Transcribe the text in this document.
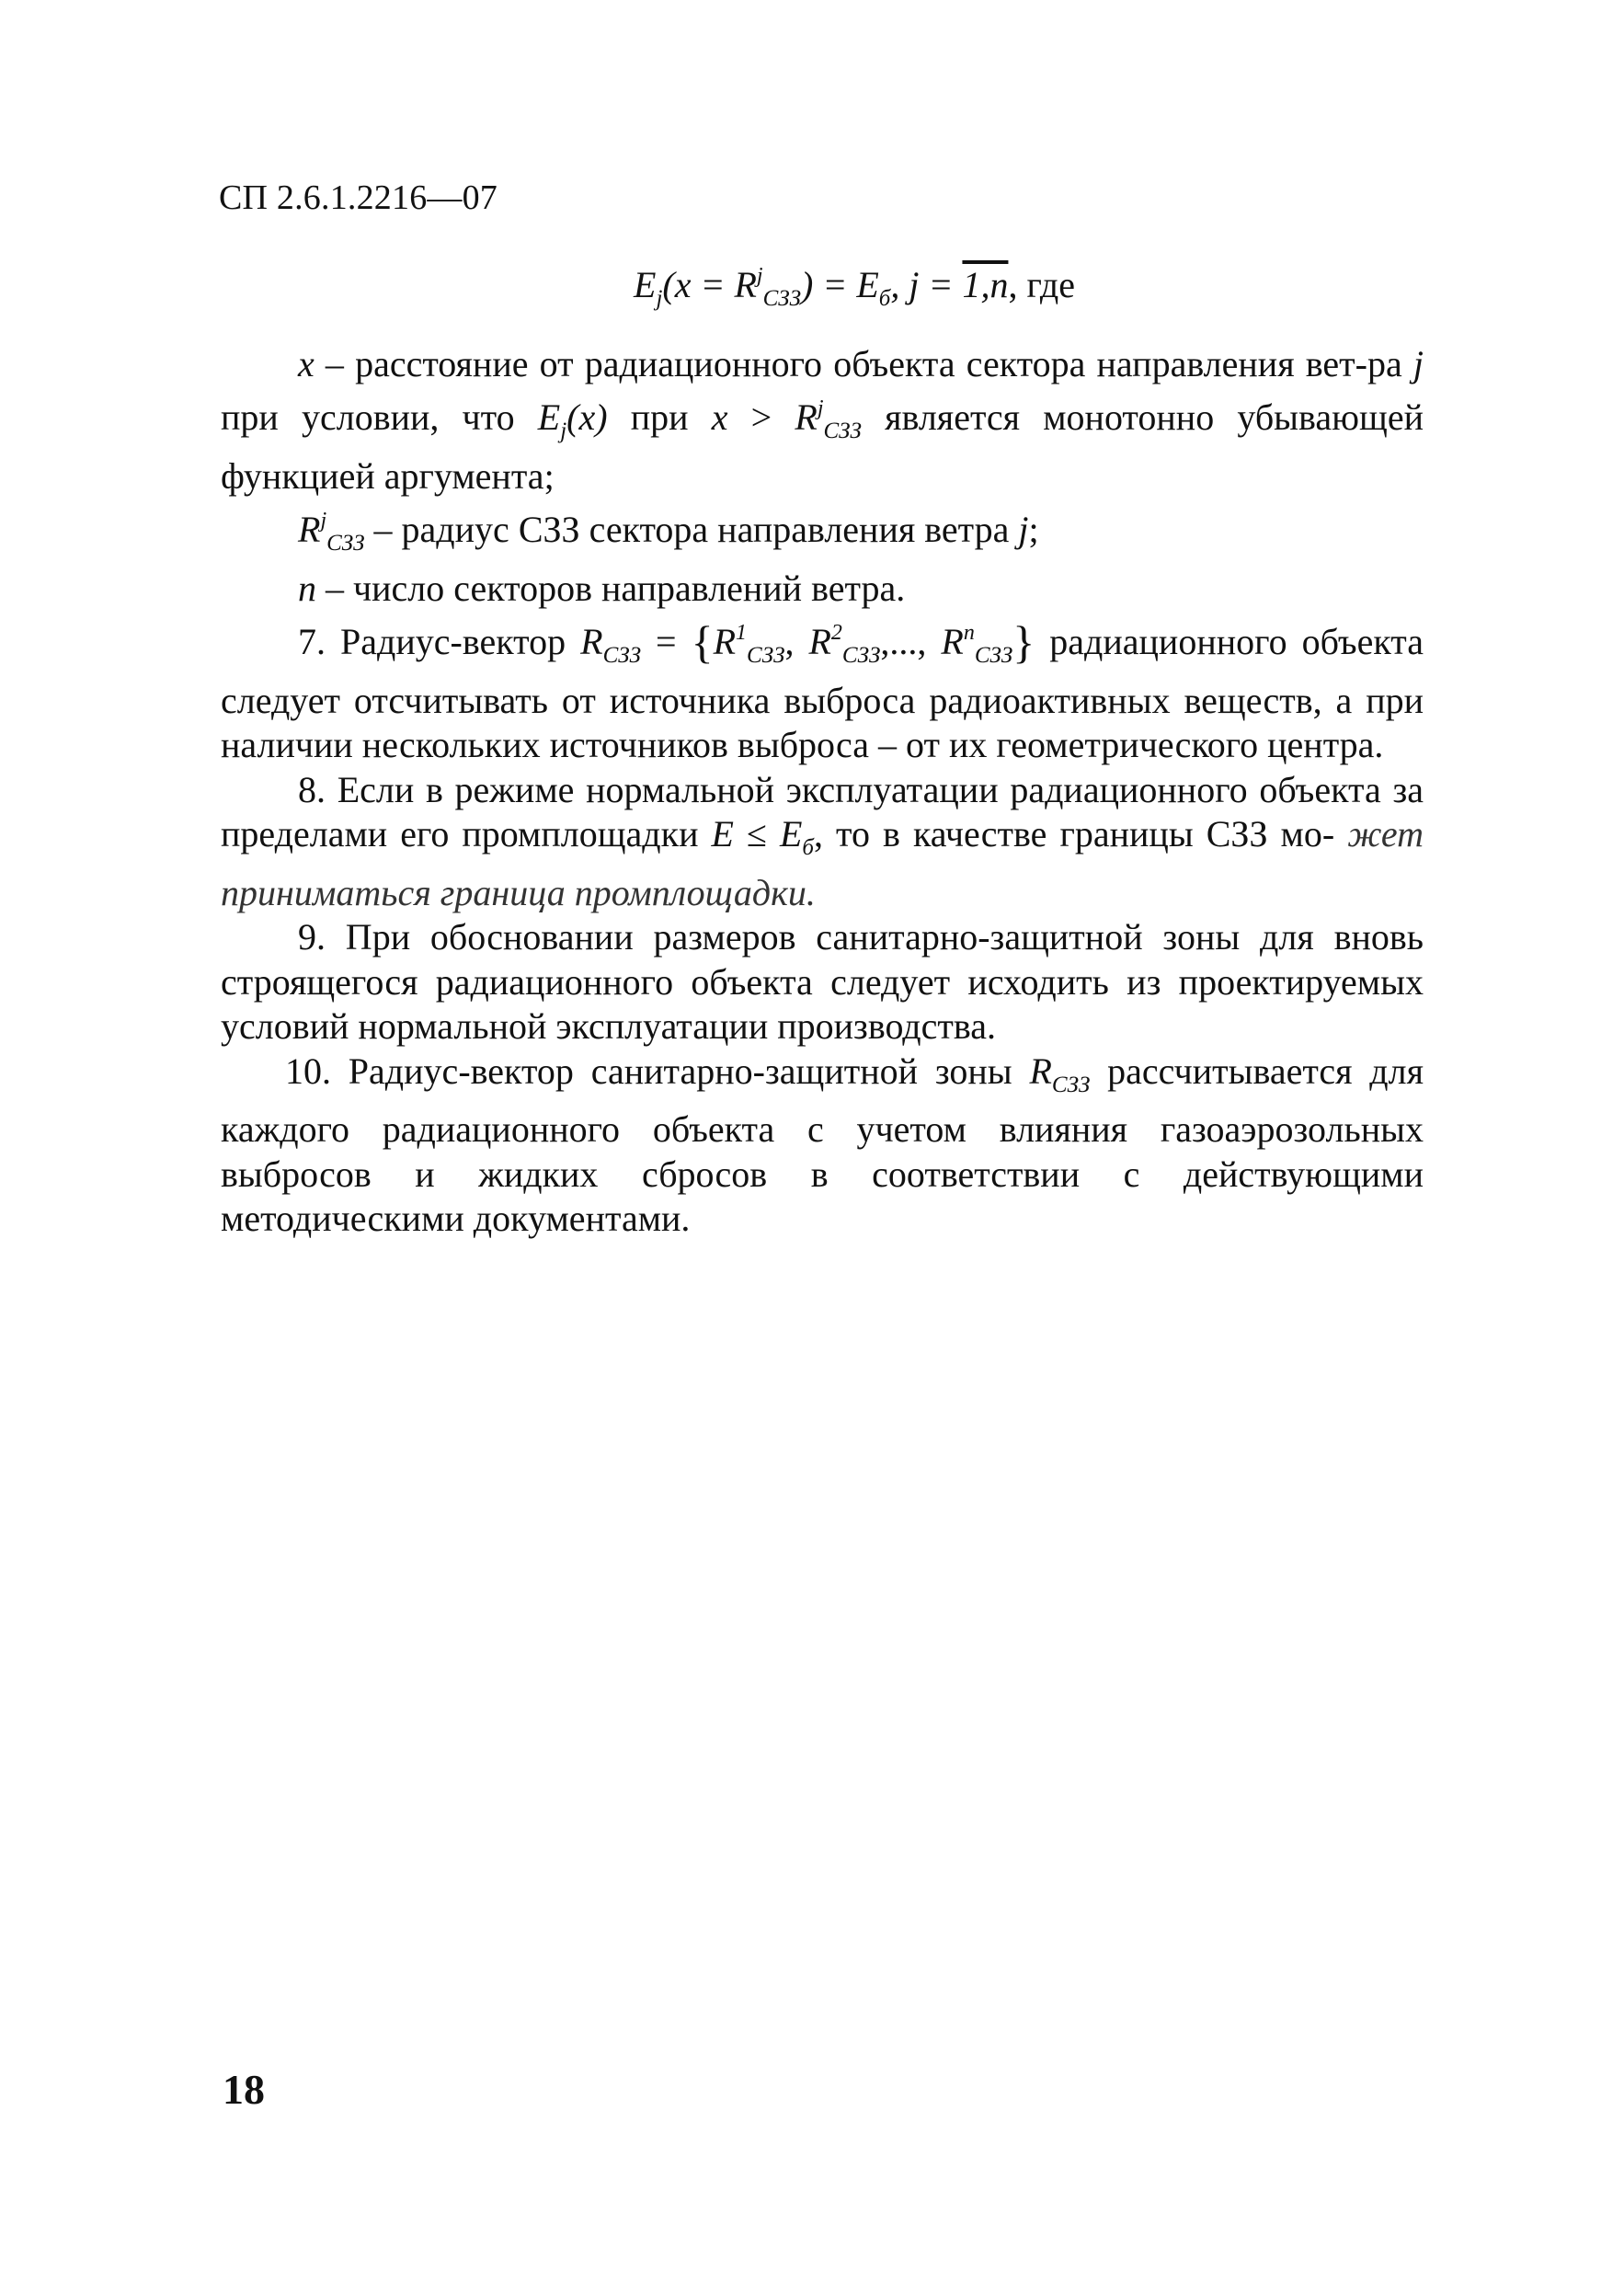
СП 2.6.1.2216—07

$E_j(x = R^j_{СЗЗ}) = E_б$, j = 1,n, где

x – расстояние от радиационного объекта сектора направления вет-ра j при условии, что $E_j(x)$ при $x > R^j_{СЗЗ}$ является монотонно убывающей функцией аргумента;

$R^j_{СЗЗ}$ – радиус СЗЗ сектора направления ветра j;

n – число секторов направлений ветра.

7. Радиус-вектор $R_{СЗЗ} = \{R^1_{СЗЗ}$, $R^2_{СЗЗ}$,..., $R^n_{СЗЗ}$} радиационного объекта следует отсчитывать от источника выброса радиоактивных веществ, а при наличии нескольких источников выброса – от их геометрического центра.

8. Если в режиме нормальной эксплуатации радиационного объекта за пределами его промплощадки $E \le E_б$, то в качестве границы СЗЗ мо- жет приниматься граница промплощадки.

9. При обосновании размеров санитарно-защитной зоны для вновь строящегося радиационного объекта следует исходить из проектируемых условий нормальной эксплуатации производства.

10. Радиус-вектор санитарно-защитной зоны $R_{СЗЗ}$ рассчитывается для каждого радиационного объекта с учетом влияния газоаэрозольных выбросов и жидких сбросов в соответствии с действующими методическими документами.

18
